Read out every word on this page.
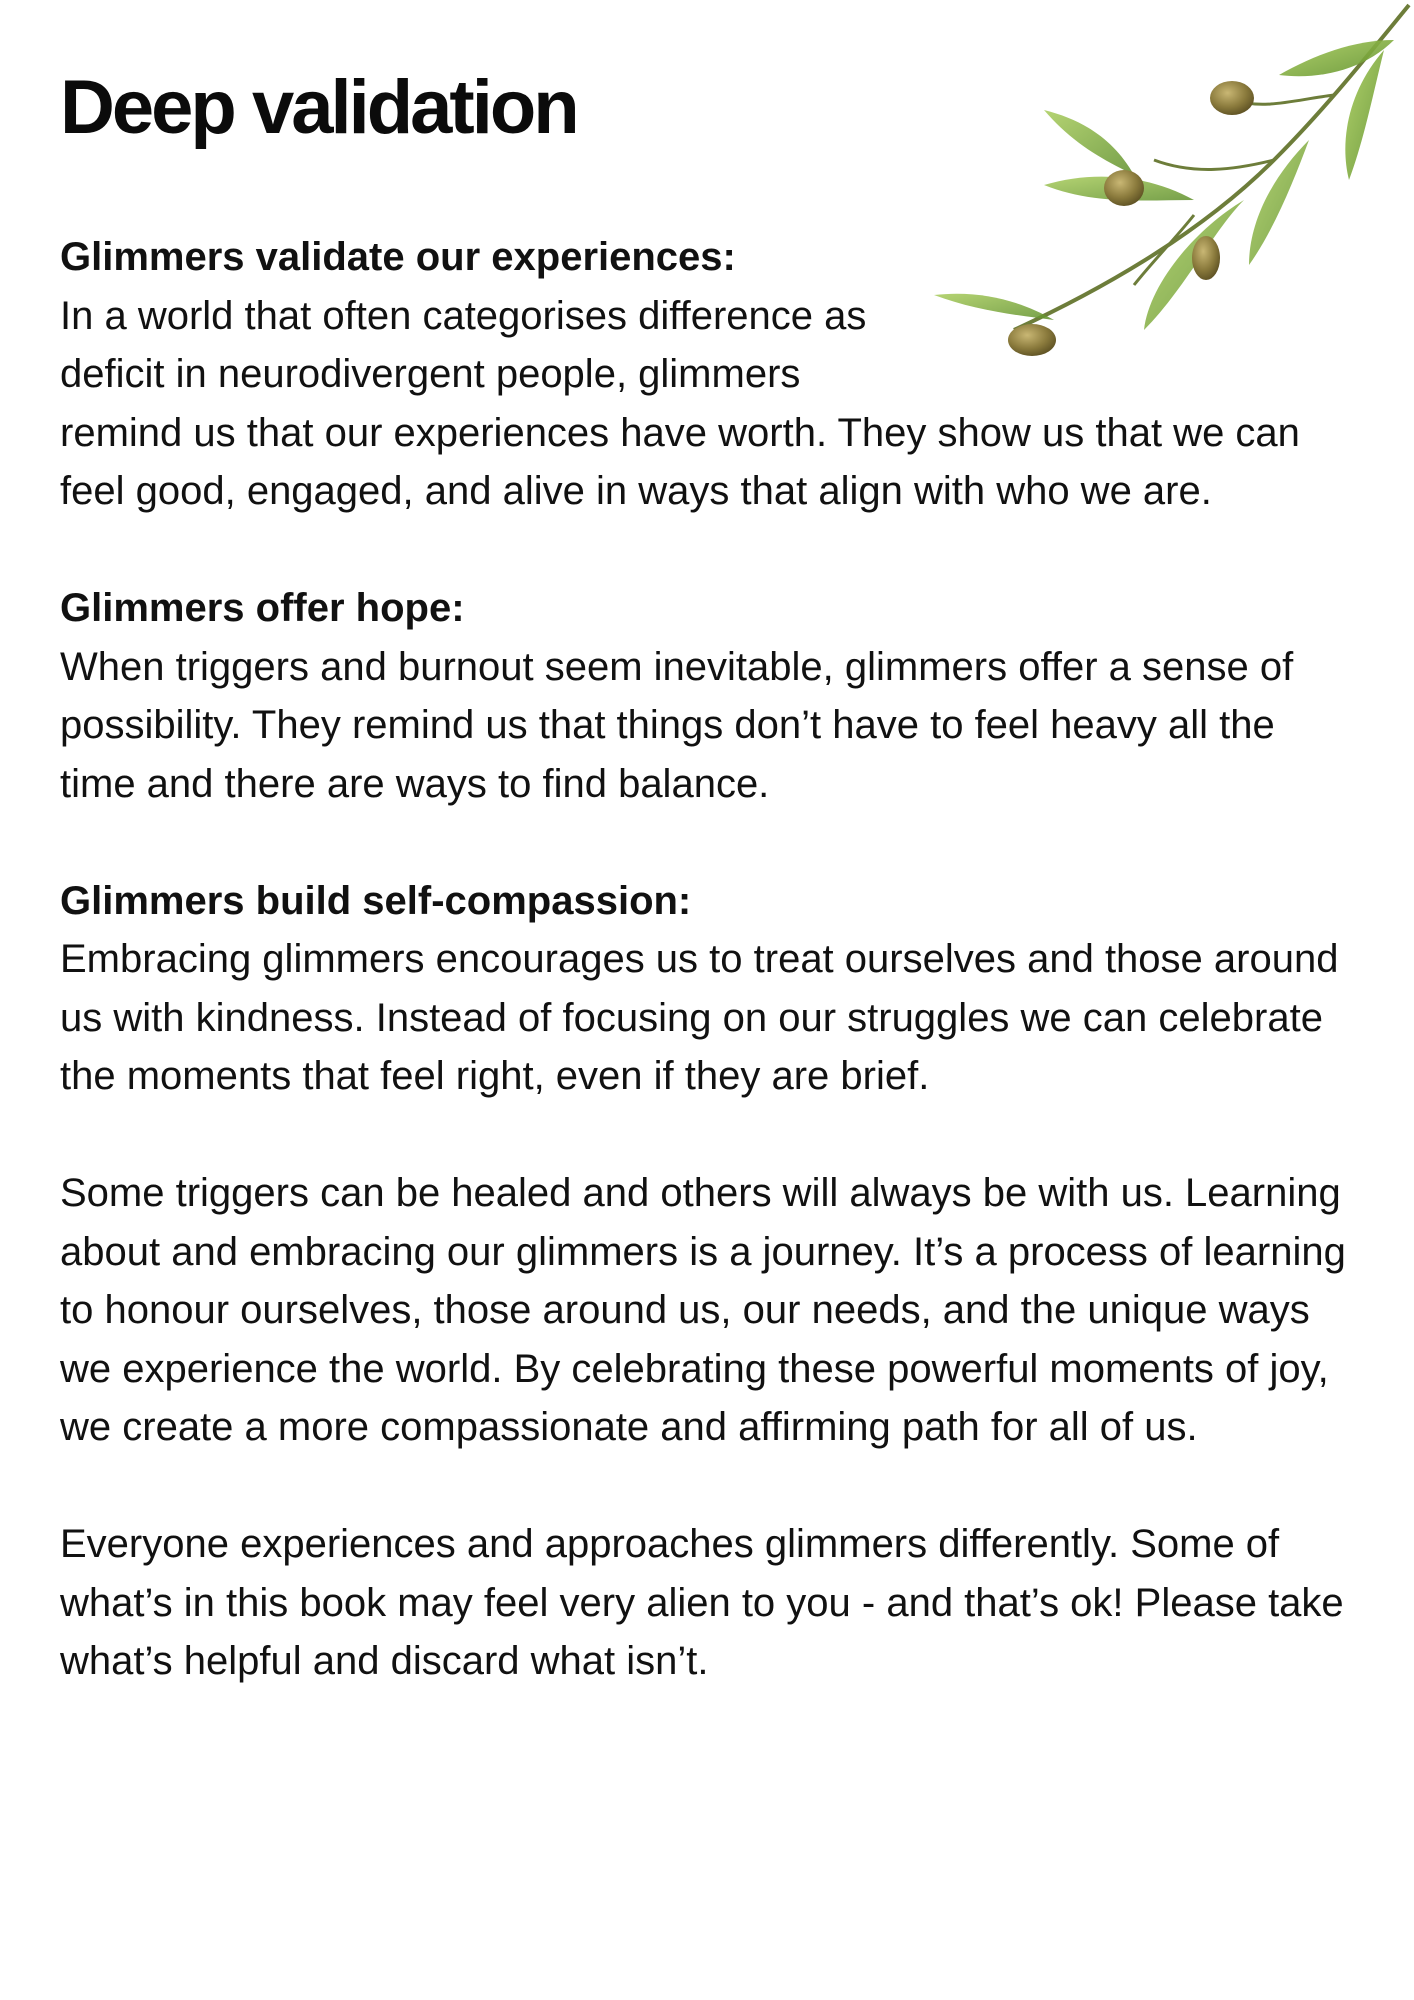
Deep validation
Glimmers validate our experiences:
In a world that often categorises difference as deficit in neurodivergent people, glimmers remind us that our experiences have worth. They show us that we can feel good, engaged, and alive in ways that align with who we are.
Glimmers offer hope:
When triggers and burnout seem inevitable, glimmers offer a sense of possibility. They remind us that things don’t have to feel heavy all the time and there are ways to find balance.
Glimmers build self-compassion:
Embracing glimmers encourages us to treat ourselves and those around us with kindness. Instead of focusing on our struggles we can celebrate the moments that feel right, even if they are brief.

Some triggers can be healed and others will always be with us. Learning about and embracing our glimmers is a journey. It’s a process of learning to honour ourselves, those around us, our needs, and the unique ways we experience the world. By celebrating these powerful moments of joy, we create a more compassionate and affirming path for all of us.

Everyone experiences and approaches glimmers differently. Some of what’s in this book may feel very alien to you - and that’s ok! Please take what’s helpful and discard what isn’t.
